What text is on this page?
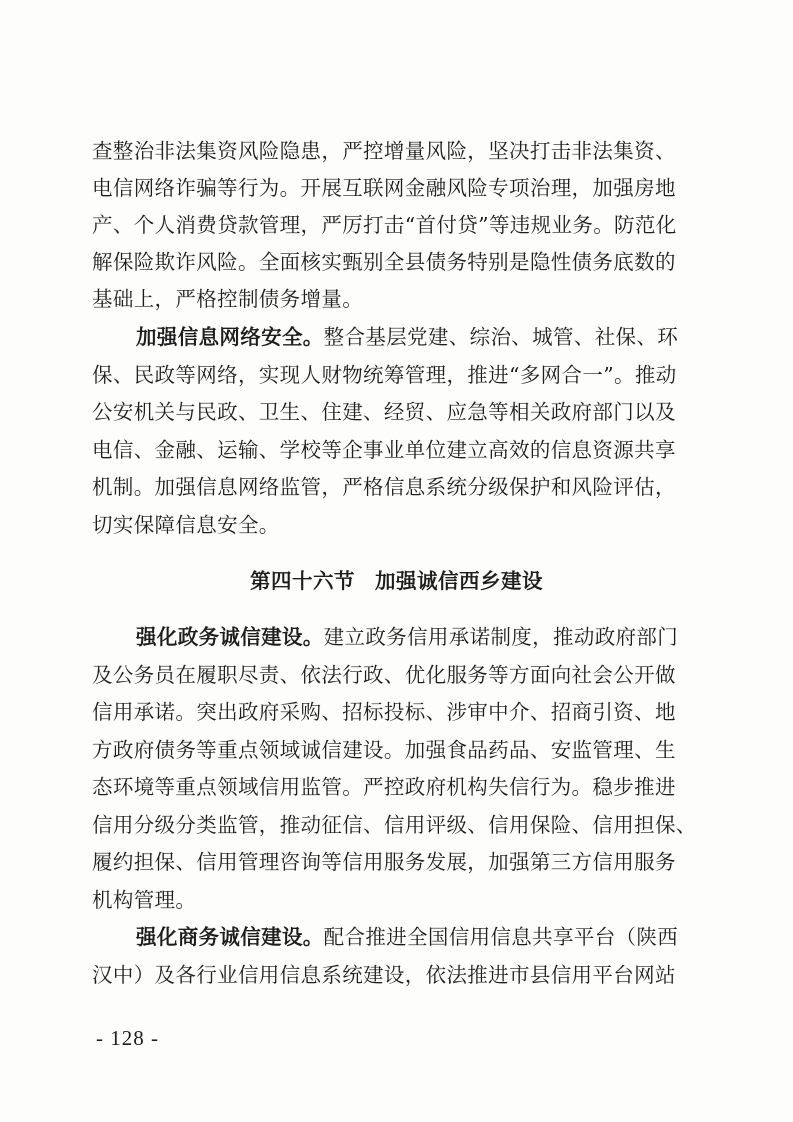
查整治非法集资风险隐患，严控增量风险，坚决打击非法集资、
电信网络诈骗等行为。开展互联网金融风险专项治理，加强房地
产、个人消费贷款管理，严厉打击“首付贷”等违规业务。防范化
解保险欺诈风险。全面核实甄别全县债务特别是隐性债务底数的
基础上，严格控制债务增量。
加强信息网络安全。整合基层党建、综治、城管、社保、环
保、民政等网络，实现人财物统筹管理，推进“多网合一”。推动
公安机关与民政、卫生、住建、经贸、应急等相关政府部门以及
电信、金融、运输、学校等企事业单位建立高效的信息资源共享
机制。加强信息网络监管，严格信息系统分级保护和风险评估，
切实保障信息安全。
第四十六节 加强诚信西乡建设
强化政务诚信建设。建立政务信用承诺制度，推动政府部门
及公务员在履职尽责、依法行政、优化服务等方面向社会公开做
信用承诺。突出政府采购、招标投标、涉审中介、招商引资、地
方政府债务等重点领域诚信建设。加强食品药品、安监管理、生
态环境等重点领域信用监管。严控政府机构失信行为。稳步推进
信用分级分类监管，推动征信、信用评级、信用保险、信用担保、
履约担保、信用管理咨询等信用服务发展，加强第三方信用服务
机构管理。
强化商务诚信建设。配合推进全国信用信息共享平台（陕西
汉中）及各行业信用信息系统建设，依法推进市县信用平台网站
- 128 -
